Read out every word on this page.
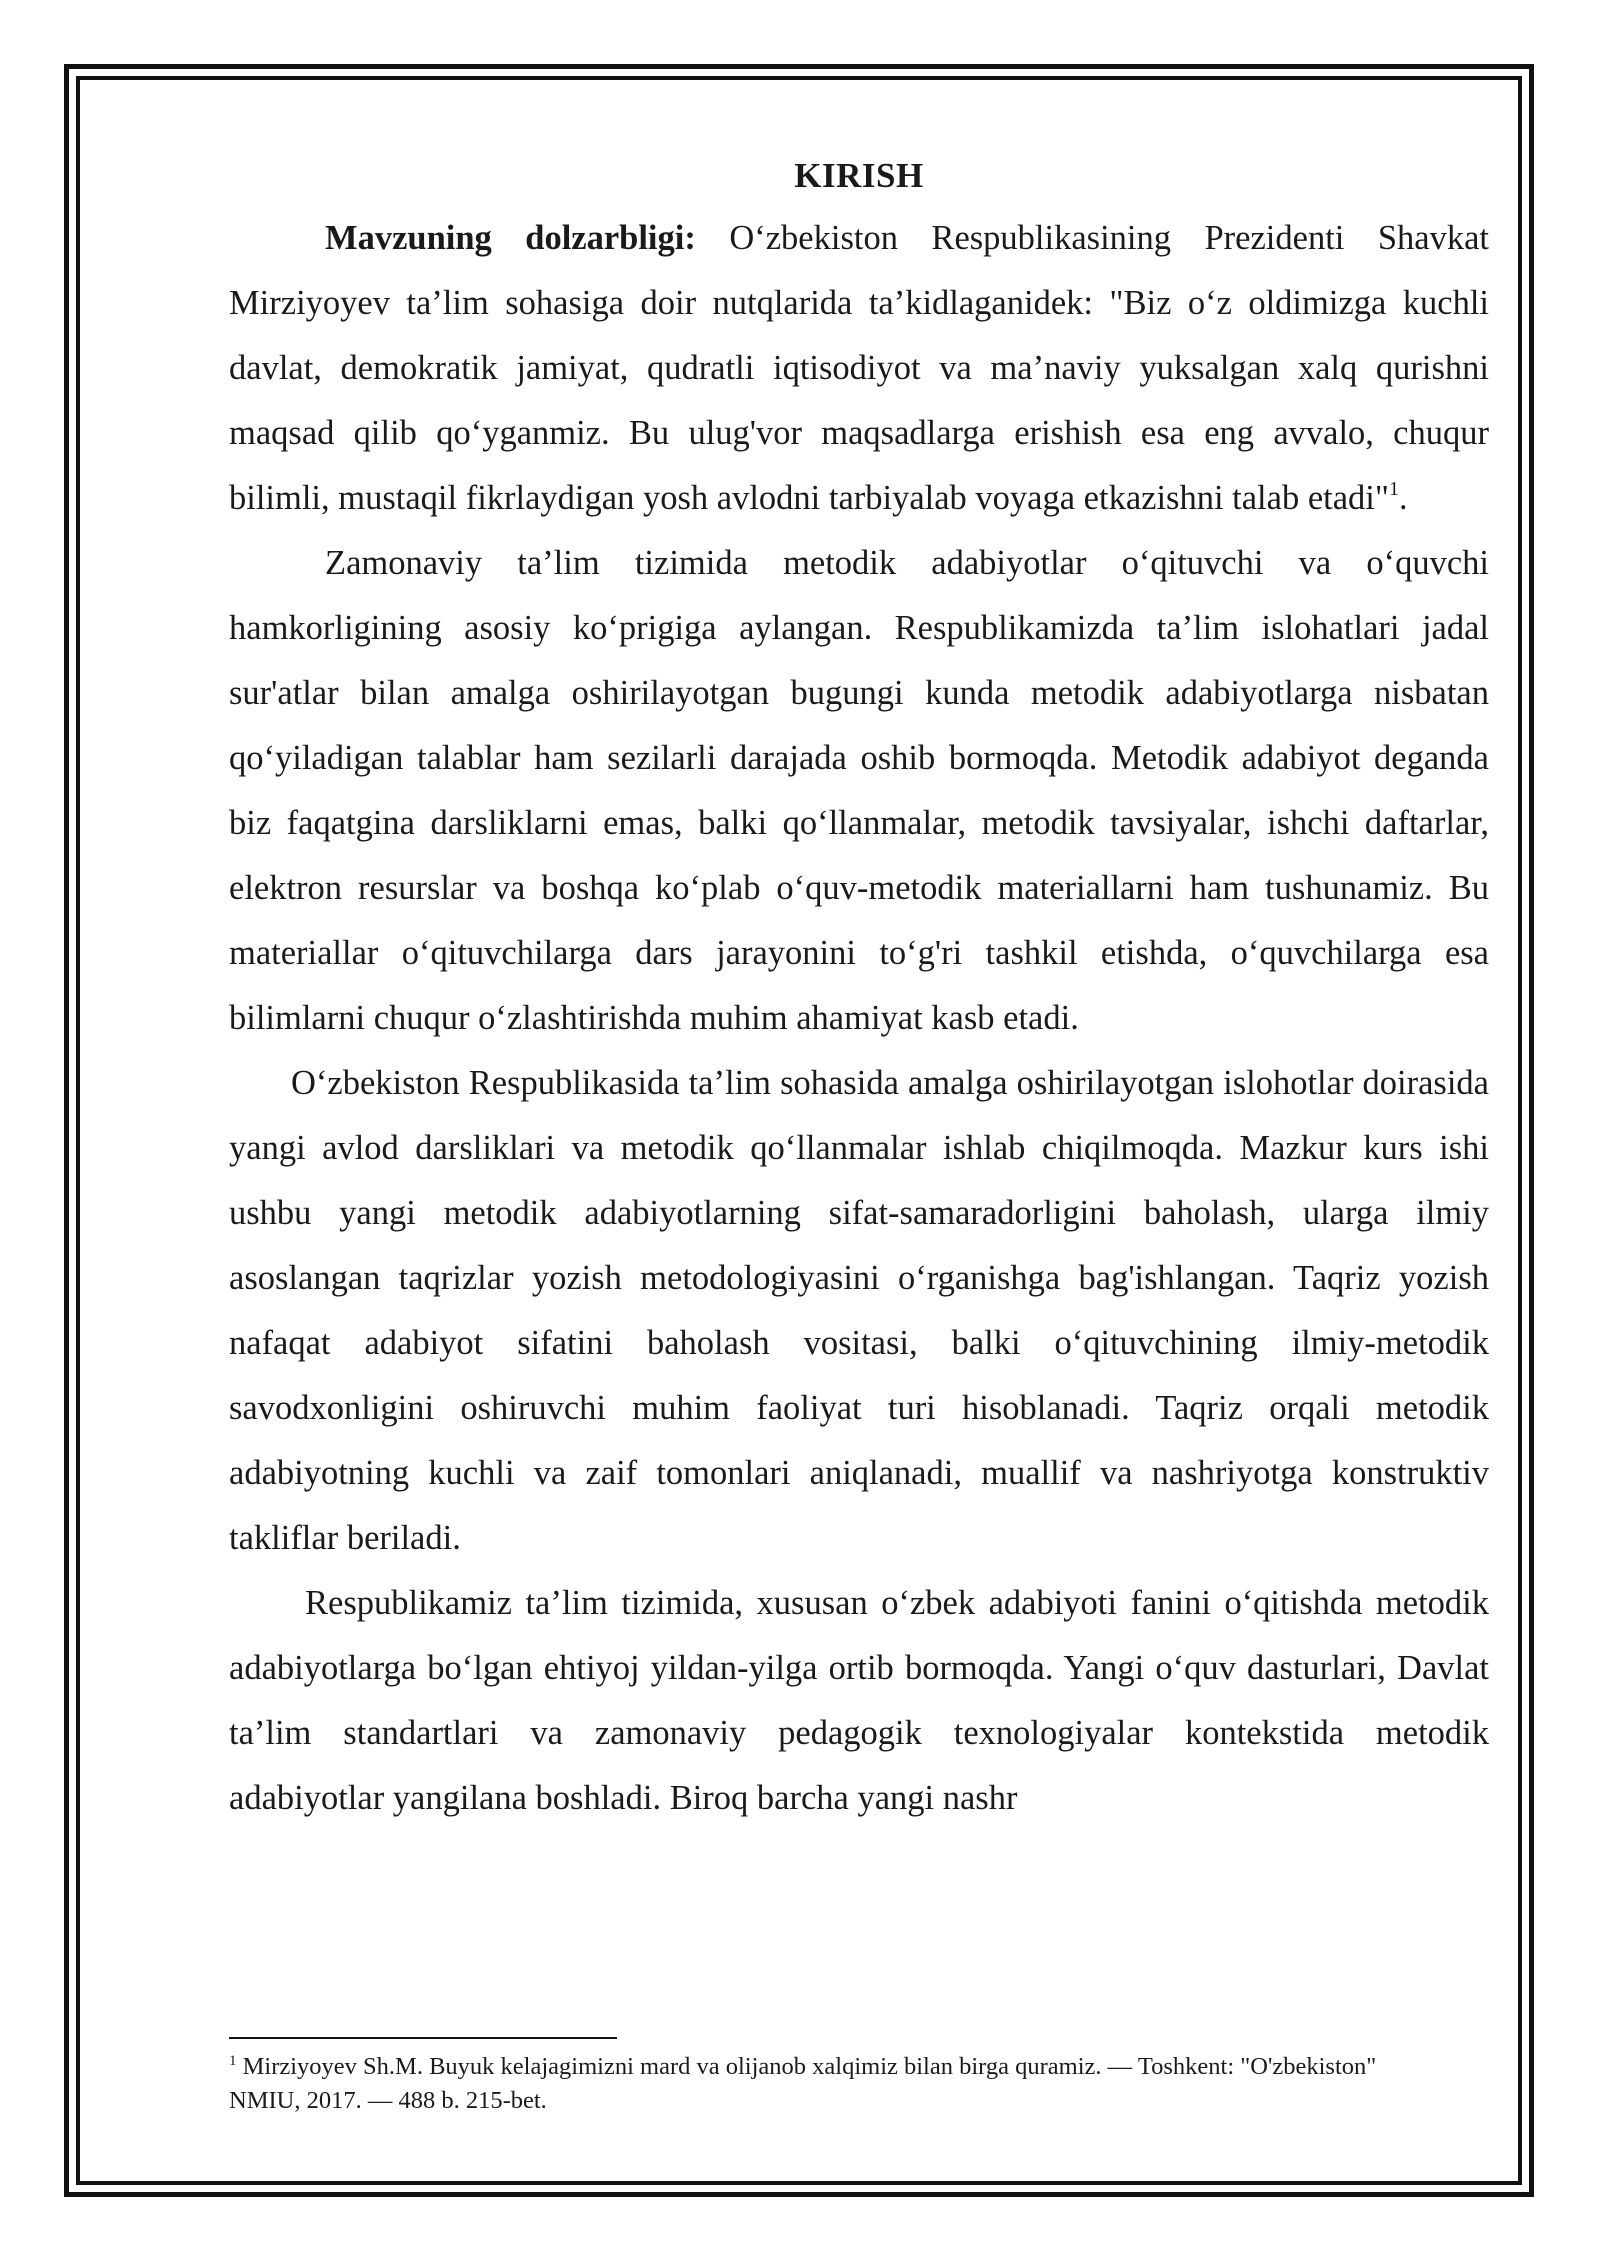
KIRISH

Mavzuning dolzarbligi: O‘zbekiston Respublikasining Prezidenti Shavkat Mirziyoyev ta’lim sohasiga doir nutqlarida ta’kidlaganidek: "Biz o‘z oldimizga kuchli davlat, demokratik jamiyat, qudratli iqtisodiyot va ma’naviy yuksalgan xalq qurishni maqsad qilib qo‘yganmiz. Bu ulug'vor maqsadlarga erishish esa eng avvalo, chuqur bilimli, mustaqil fikrlaydigan yosh avlodni tarbiyalab voyaga etkazishni talab etadi"$^1$.

Zamonaviy ta’lim tizimida metodik adabiyotlar o‘qituvchi va o‘quvchi hamkorligining asosiy ko‘prigiga aylangan. Respublikamizda ta’lim islohatlari jadal sur'atlar bilan amalga oshirilayotgan bugungi kunda metodik adabiyotlarga nisbatan qo‘yiladigan talablar ham sezilarli darajada oshib bormoqda. Metodik adabiyot deganda biz faqatgina darsliklarni emas, balki qo‘llanmalar, metodik tavsiyalar, ishchi daftarlar, elektron resurslar va boshqa ko‘plab o‘quv-metodik materiallarni ham tushunamiz. Bu materiallar o‘qituvchilarga dars jarayonini to‘g'ri tashkil etishda, o‘quvchilarga esa bilimlarni chuqur o‘zlashtirishda muhim ahamiyat kasb etadi.

O‘zbekiston Respublikasida ta’lim sohasida amalga oshirilayotgan islohotlar doirasida yangi avlod darsliklari va metodik qo‘llanmalar ishlab chiqilmoqda. Mazkur kurs ishi ushbu yangi metodik adabiyotlarning sifat-samaradorligini baholash, ularga ilmiy asoslangan taqrizlar yozish metodologiyasini o‘rganishga bag'ishlangan. Taqriz yozish nafaqat adabiyot sifatini baholash vositasi, balki o‘qituvchining ilmiy-metodik savodxonligini oshiruvchi muhim faoliyat turi hisoblanadi. Taqriz orqali metodik adabiyotning kuchli va zaif tomonlari aniqlanadi, muallif va nashriyotga konstruktiv takliflar beriladi.

Respublikamiz ta’lim tizimida, xususan o‘zbek adabiyoti fanini o‘qitishda metodik adabiyotlarga bo‘lgan ehtiyoj yildan-yilga ortib bormoqda. Yangi o‘quv dasturlari, Davlat ta’lim standartlari va zamonaviy pedagogik texnologiyalar kontekstida metodik adabiyotlar yangilana boshladi. Biroq barcha yangi nashr

$^1$ Mirziyoyev Sh.M. Buyuk kelajagimizni mard va olijanob xalqimiz bilan birga quramiz. — Toshkent: "O'zbekiston" NMIU, 2017. — 488 b. 215-bet.
